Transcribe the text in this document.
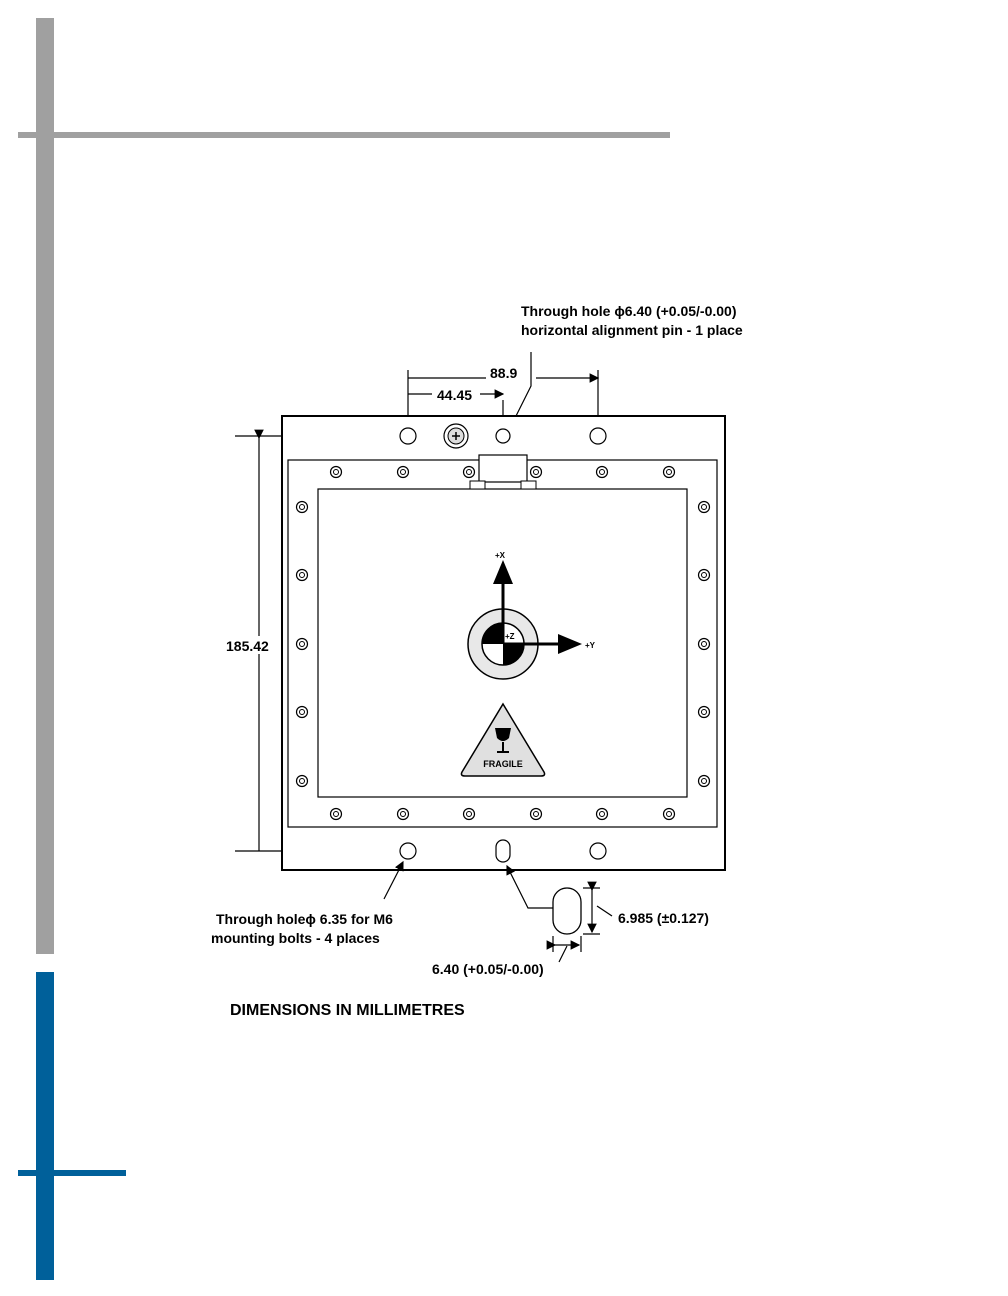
Through hole ϕ6.40 (+0.05/-0.00)
horizontal alignment pin - 1 place
88.9
44.45
185.42
+X
+Y
+Z
FRAGILE
Through holeϕ 6.35 for M6
mounting bolts - 4 places
6.985 (±0.127)
6.40 (+0.05/-0.00)
DIMENSIONS IN MILLIMETRES
